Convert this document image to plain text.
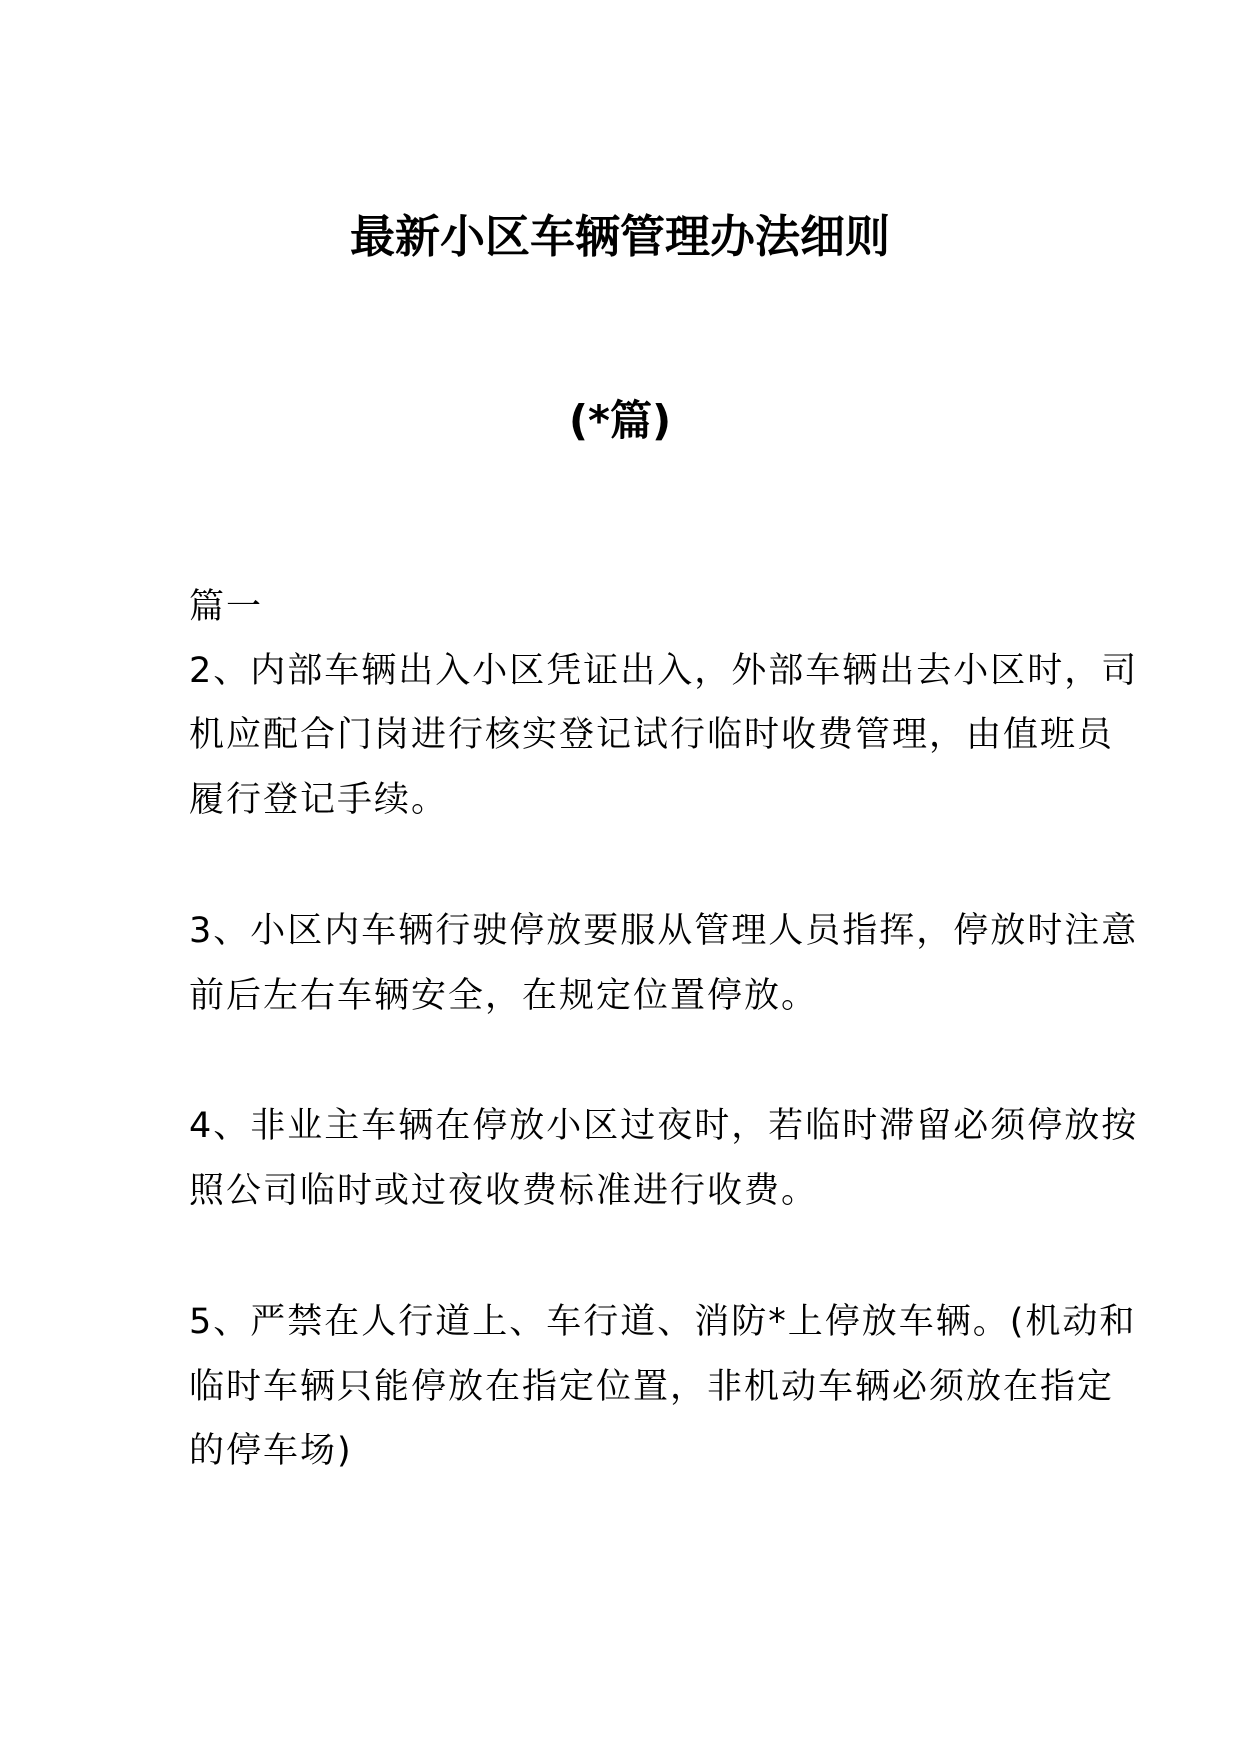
最新小区车辆管理办法细则
(*篇)
篇一
2、内部车辆出入小区凭证出入，外部车辆出去小区时，司
机应配合门岗进行核实登记试行临时收费管理，由值班员
履行登记手续。
3、小区内车辆行驶停放要服从管理人员指挥，停放时注意
前后左右车辆安全，在规定位置停放。
4、非业主车辆在停放小区过夜时，若临时滞留必须停放按
照公司临时或过夜收费标准进行收费。
5、严禁在人行道上、车行道、消防*上停放车辆。(机动和
临时车辆只能停放在指定位置，非机动车辆必须放在指定
的停车场)
